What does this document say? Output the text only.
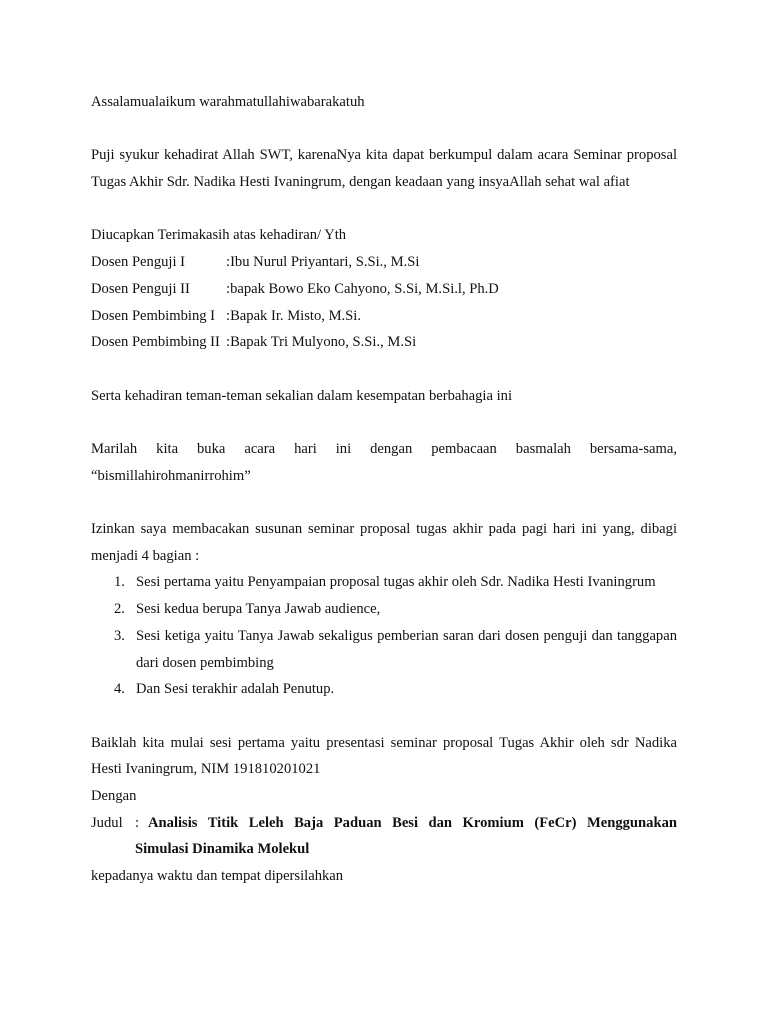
Assalamualaikum warahmatullahiwabarakatuh
Puji syukur kehadirat Allah SWT, karenaNya kita dapat berkumpul dalam acara Seminar proposal Tugas Akhir Sdr. Nadika Hesti Ivaningrum, dengan keadaan yang insyaAllah sehat wal afiat
Diucapkan Terimakasih atas kehadiran/ Yth
Dosen Penguji I	: Ibu Nurul Priyantari, S.Si., M.Si
Dosen Penguji II	: bapak Bowo Eko Cahyono, S.Si, M.Si.l, Ph.D
Dosen Pembimbing I : Bapak Ir. Misto, M.Si.
Dosen Pembimbing II : Bapak Tri Mulyono, S.Si., M.Si
Serta kehadiran teman-teman sekalian dalam kesempatan berbahagia ini
Marilah kita buka acara hari ini dengan pembacaan basmalah bersama-sama, “bismillahirohmanirrohim”
Izinkan saya membacakan susunan seminar proposal tugas akhir pada pagi hari ini yang, dibagi menjadi 4 bagian :
1. Sesi pertama yaitu Penyampaian proposal tugas akhir oleh Sdr. Nadika Hesti Ivaningrum
2. Sesi kedua berupa Tanya Jawab audience,
3. Sesi ketiga yaitu Tanya Jawab sekaligus pemberian saran dari dosen penguji dan tanggapan dari dosen pembimbing
4. Dan Sesi terakhir adalah Penutup.
Baiklah kita mulai sesi pertama yaitu presentasi seminar proposal Tugas Akhir oleh sdr Nadika Hesti Ivaningrum, NIM 191810201021
Dengan
Judul : Analisis Titik Leleh Baja Paduan Besi dan Kromium (FeCr) Menggunakan
Simulasi Dinamika Molekul
kepadanya waktu dan tempat dipersilahkan
